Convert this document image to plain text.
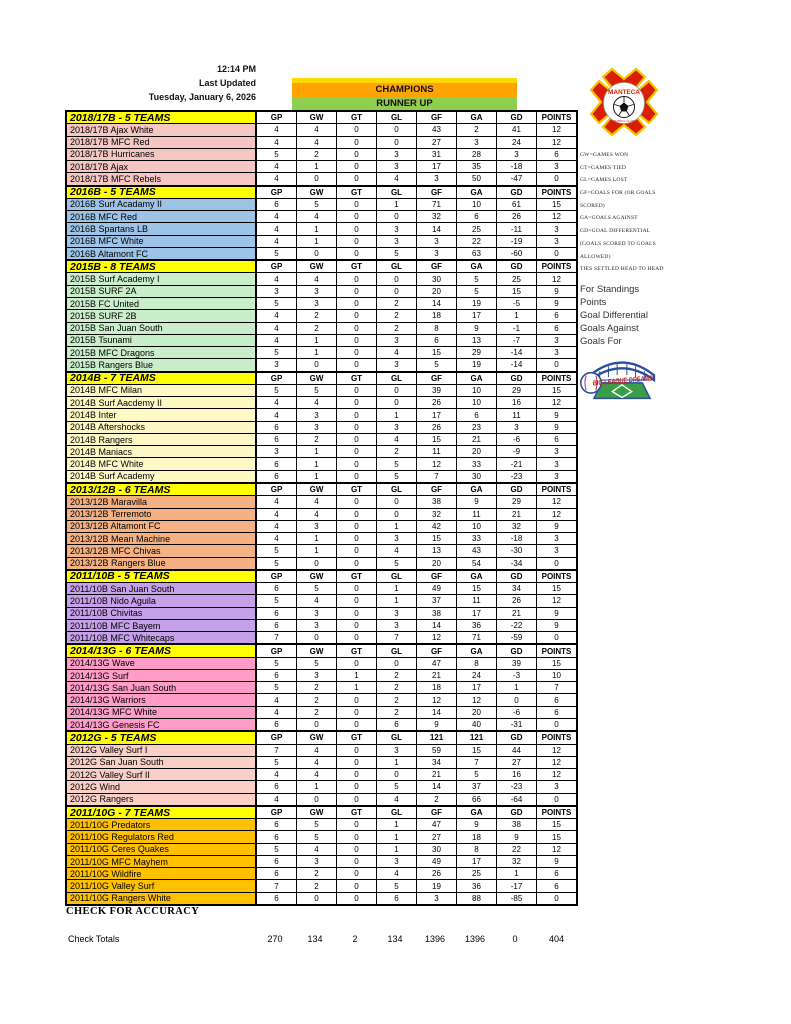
12:14 PM
Last Updated
Tuesday, January 6, 2026
CHAMPIONS
RUNNER UP
2018/17B - 5 TEAMS	GP	GW	GT	GL	GF	GA	GD	POINTS
2018/17B Ajax White	4	4	0	0	43	2	41	12
2018/17B MFC Red	4	4	0	0	27	3	24	12
2018/17B Hurricanes	5	2	0	3	31	28	3	6
2018/17B Ajax	4	1	0	3	17	35	-18	3
2018/17B MFC Rebels	4	0	0	4	3	50	-47	0
2016B - 5 TEAMS	GP	GW	GT	GL	GF	GA	GD	POINTS
2016B Surf Acadamy II	6	5	0	1	71	10	61	15
2016B MFC Red	4	4	0	0	32	6	26	12
2016B Spartans LB	4	1	0	3	14	25	-11	3
2016B MFC White	4	1	0	3	3	22	-19	3
2016B Altamont FC	5	0	0	5	3	63	-60	0
2015B - 8 TEAMS	GP	GW	GT	GL	GF	GA	GD	POINTS
2015B Surf Academy I	4	4	0	0	30	5	25	12
2015B SURF 2A	3	3	0	0	20	5	15	9
2015B FC United	5	3	0	2	14	19	-5	9
2015B SURF 2B	4	2	0	2	18	17	1	6
2015B San Juan South	4	2	0	2	8	9	-1	6
2015B Tsunami	4	1	0	3	6	13	-7	3
2015B MFC Dragons	5	1	0	4	15	29	-14	3
2015B Rangers Blue	3	0	0	3	5	19	-14	0
2014B - 7 TEAMS	GP	GW	GT	GL	GF	GA	GD	POINTS
2014B MFC Milan	5	5	0	0	39	10	29	15
2014B Surf Aacdemy II	4	4	0	0	26	10	16	12
2014B Inter	4	3	0	1	17	6	11	9
2014B Aftershocks	6	3	0	3	26	23	3	9
2014B Rangers	6	2	0	4	15	21	-6	6
2014B Maniacs	3	1	0	2	11	20	-9	3
2014B MFC White	6	1	0	5	12	33	-21	3
2014B Surf Academy	6	1	0	5	7	30	-23	3
2013/12B - 6 TEAMS	GP	GW	GT	GL	GF	GA	GD	POINTS
2013/12B Maravilla	4	4	0	0	38	9	29	12
2013/12B Terremoto	4	4	0	0	32	11	21	12
2013/12B Altamont FC	4	3	0	1	42	10	32	9
2013/12B Mean Machine	4	1	0	3	15	33	-18	3
2013/12B MFC Chivas	5	1	0	4	13	43	-30	3
2013/12B Rangers Blue	5	0	0	5	20	54	-34	0
2011/10B - 5 TEAMS	GP	GW	GT	GL	GF	GA	GD	POINTS
2011/10B San Juan South	6	5	0	1	49	15	34	15
2011/10B Nido Aguila	5	4	0	1	37	11	26	12
2011/10B Chivitas	6	3	0	3	38	17	21	9
2011/10B MFC Bayem	6	3	0	3	14	36	-22	9
2011/10B MFC Whitecaps	7	0	0	7	12	71	-59	0
2014/13G - 6 TEAMS	GP	GW	GT	GL	GF	GA	GD	POINTS
2014/13G Wave	5	5	0	0	47	8	39	15
2014/13G Surf	6	3	1	2	21	24	-3	10
2014/13G San Juan South	5	2	1	2	18	17	1	7
2014/13G Warriors	4	2	0	2	12	12	0	6
2014/13G MFC White	4	2	0	2	14	20	-6	6
2014/13G Genesis FC	6	0	0	6	9	40	-31	0
2012G - 5 TEAMS	GP	GW	GT	GL	121	121	GD	POINTS
2012G Valley Surf I	7	4	0	3	59	15	44	12
2012G San Juan South	5	4	0	1	34	7	27	12
2012G Valley Surf II	4	4	0	0	21	5	16	12
2012G Wind	6	1	0	5	14	37	-23	3
2012G Rangers	4	0	0	4	2	66	-64	0
2011/10G - 7 TEAMS	GP	GW	GT	GL	GF	GA	GD	POINTS
2011/10G Predators	6	5	0	1	47	9	38	15
2011/10G Regulators Red	6	5	0	1	27	18	9	15
2011/10G Ceres Quakes	5	4	0	1	30	8	22	12
2011/10G MFC Mayhem	6	3	0	3	49	17	32	9
2011/10G Wildfire	6	2	0	4	26	25	1	6
2011/10G Valley Surf	7	2	0	5	19	36	-17	6
2011/10G Rangers White	6	0	0	6	3	88	-85	0
CHECK FOR ACCURACY
Check Totals	270	134	2	134	1396	1396	0	404
MANTECA
FUTBOL CLUB
GW=GAMES WON
GT=GAMES TIED
GL=GAMES LOST
GF=GOALS FOR (OR GOALS
SCORED)
GA=GOALS AGAINST
GD=GOAL DIFFERENTIAL
(GOALS SCORED TO GOALS
ALLOWED)
TIES SETTLED HEAD TO HEAD
For Standings
Points
Goal Differential
Goals Against
Goals For
BIG LEAGUE DREAMS
